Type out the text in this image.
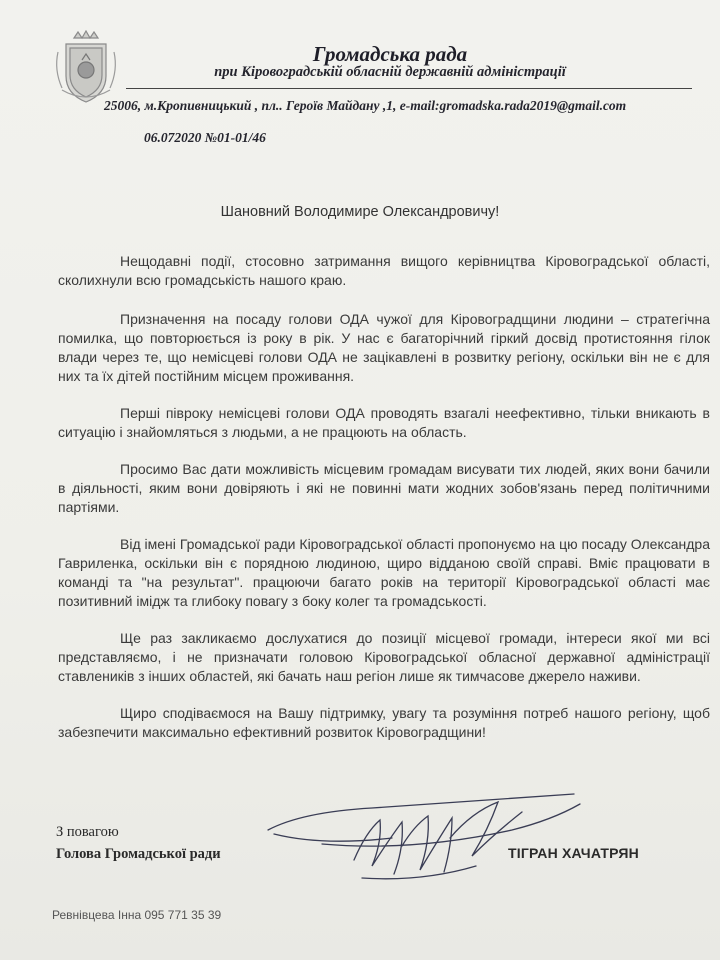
Громадська рада
при Кіровоградській обласній державній адміністрації
25006, м.Кропивницький , пл.. Героїв Майдану ,1, e-mail:gromadska.rada2019@gmail.com
06.072020 №01-01/46
Шановний Володимире Олександровичу!

Нещодавні події, стосовно затримання вищого керівництва Кіровоградської області, сколихнули всю громадськість нашого краю.

Призначення на посаду голови ОДА чужої для Кіровоградщини людини – стратегічна помилка, що повторюється із року в рік. У нас є багаторічний гіркий досвід протистояння гілок влади через те, що немісцеві голови ОДА не зацікавлені в розвитку регіону, оскільки він не є для них та їх дітей постійним місцем проживання.

Перші півроку немісцеві голови ОДА проводять взагалі неефективно, тільки вникають в ситуацію і знайомляться з людьми, а не працюють на область.

Просимо Вас дати можливість місцевим громадам висувати тих людей, яких вони бачили в діяльності, яким вони довіряють і які не повинні мати жодних зобов'язань перед політичними партіями.

Від імені Громадської ради Кіровоградської області пропонуємо на цю посаду Олександра Гавриленка, оскільки він є порядною людиною, щиро відданою своїй справі. Вміє працювати в команді та "на результат". працюючи багато років на території Кіровоградської області має позитивний імідж та глибоку повагу з боку колег та громадськості.

Ще раз закликаємо дослухатися до позиції місцевої громади, інтереси якої ми всі представляємо, і не призначати головою Кіровоградської обласної державної адміністрації ставлеників з інших областей, які бачать наш регіон лише як тимчасове джерело наживи.

Щиро сподіваємося на Вашу підтримку, увагу та розуміння потреб нашого регіону, щоб забезпечити максимально ефективний розвиток Кіровоградщини!

З повагою
Голова Громадської ради	ТІГРАН ХАЧАТРЯН
Ревнівцева Інна 095 771 35 39
